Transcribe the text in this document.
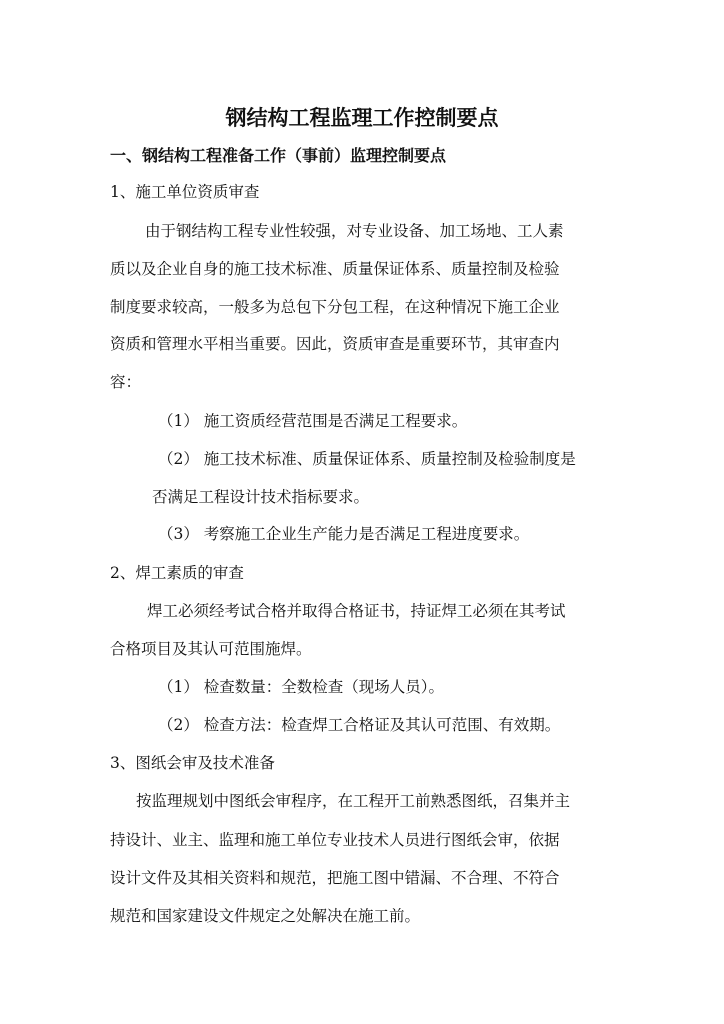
钢结构工程监理工作控制要点
一、钢结构工程准备工作（事前）监理控制要点
1、施工单位资质审查
由于钢结构工程专业性较强，对专业设备、加工场地、工人素
质以及企业自身的施工技术标准、质量保证体系、质量控制及检验
制度要求较高，一般多为总包下分包工程，在这种情况下施工企业
资质和管理水平相当重要。因此，资质审查是重要环节，其审查内
容：
（1） 施工资质经营范围是否满足工程要求。
（2） 施工技术标准、质量保证体系、质量控制及检验制度是
否满足工程设计技术指标要求。
（3） 考察施工企业生产能力是否满足工程进度要求。
2、焊工素质的审查
焊工必须经考试合格并取得合格证书，持证焊工必须在其考试
合格项目及其认可范围施焊。
（1） 检查数量：全数检查（现场人员）。
（2） 检查方法：检查焊工合格证及其认可范围、有效期。
3、图纸会审及技术准备
按监理规划中图纸会审程序，在工程开工前熟悉图纸，召集并主
持设计、业主、监理和施工单位专业技术人员进行图纸会审，依据
设计文件及其相关资料和规范，把施工图中错漏、不合理、不符合
规范和国家建设文件规定之处解决在施工前。
